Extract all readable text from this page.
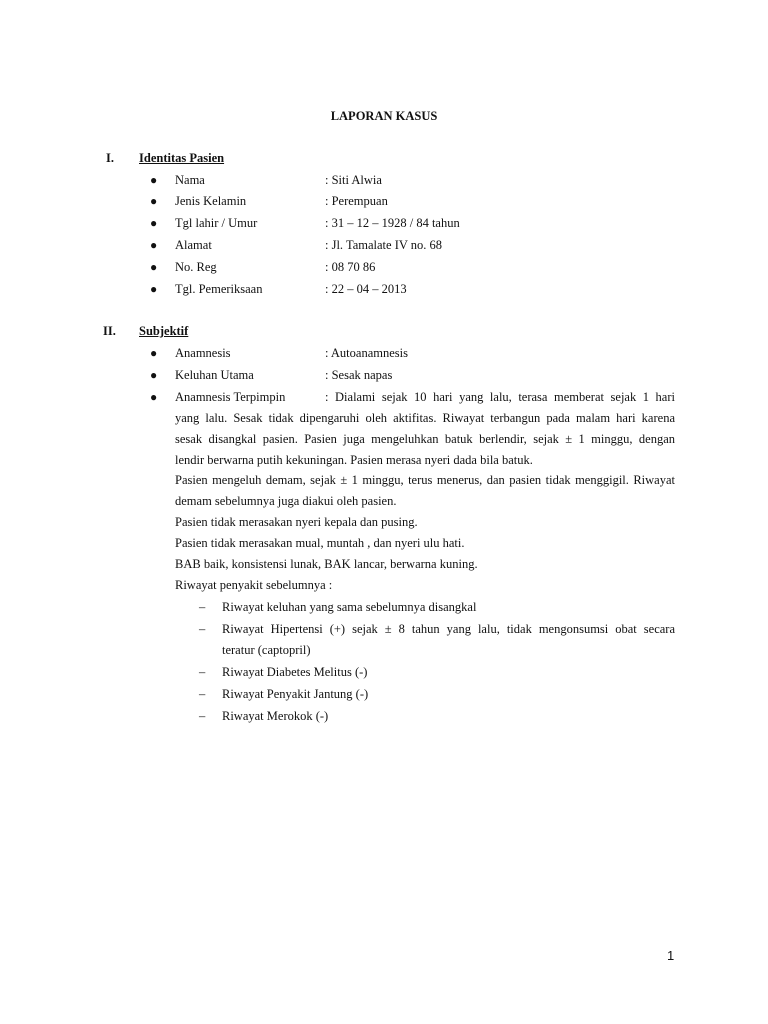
LAPORAN KASUS
I. Identitas Pasien
● Nama	: Siti Alwia
● Jenis Kelamin	: Perempuan
● Tgl lahir / Umur	: 31 – 12 – 1928 / 84 tahun
● Alamat	: Jl. Tamalate IV no. 68
● No. Reg	: 08 70 86
● Tgl. Pemeriksaan	: 22 – 04 – 2013
II. Subjektif
● Anamnesis	: Autoanamnesis
● Keluhan Utama	: Sesak napas
● Anamnesis Terpimpin	: Dialami sejak 10 hari yang lalu, terasa memberat sejak 1 hari
yang lalu. Sesak tidak dipengaruhi oleh aktifitas. Riwayat terbangun pada malam hari karena
sesak disangkal pasien. Pasien juga mengeluhkan batuk berlendir, sejak ± 1 minggu, dengan
lendir berwarna putih kekuningan. Pasien merasa nyeri dada bila batuk.
Pasien mengeluh demam, sejak ± 1 minggu, terus menerus, dan pasien tidak menggigil. Riwayat
demam sebelumnya juga diakui oleh pasien.
Pasien tidak merasakan nyeri kepala dan pusing.
Pasien tidak merasakan mual, muntah , dan nyeri ulu hati.
BAB baik, konsistensi lunak, BAK lancar, berwarna kuning.
Riwayat penyakit sebelumnya :
– Riwayat keluhan yang sama sebelumnya disangkal
– Riwayat Hipertensi (+) sejak ± 8 tahun yang lalu, tidak mengonsumsi obat secara
teratur (captopril)
– Riwayat Diabetes Melitus (-)
– Riwayat Penyakit Jantung (-)
– Riwayat Merokok (-)
1
